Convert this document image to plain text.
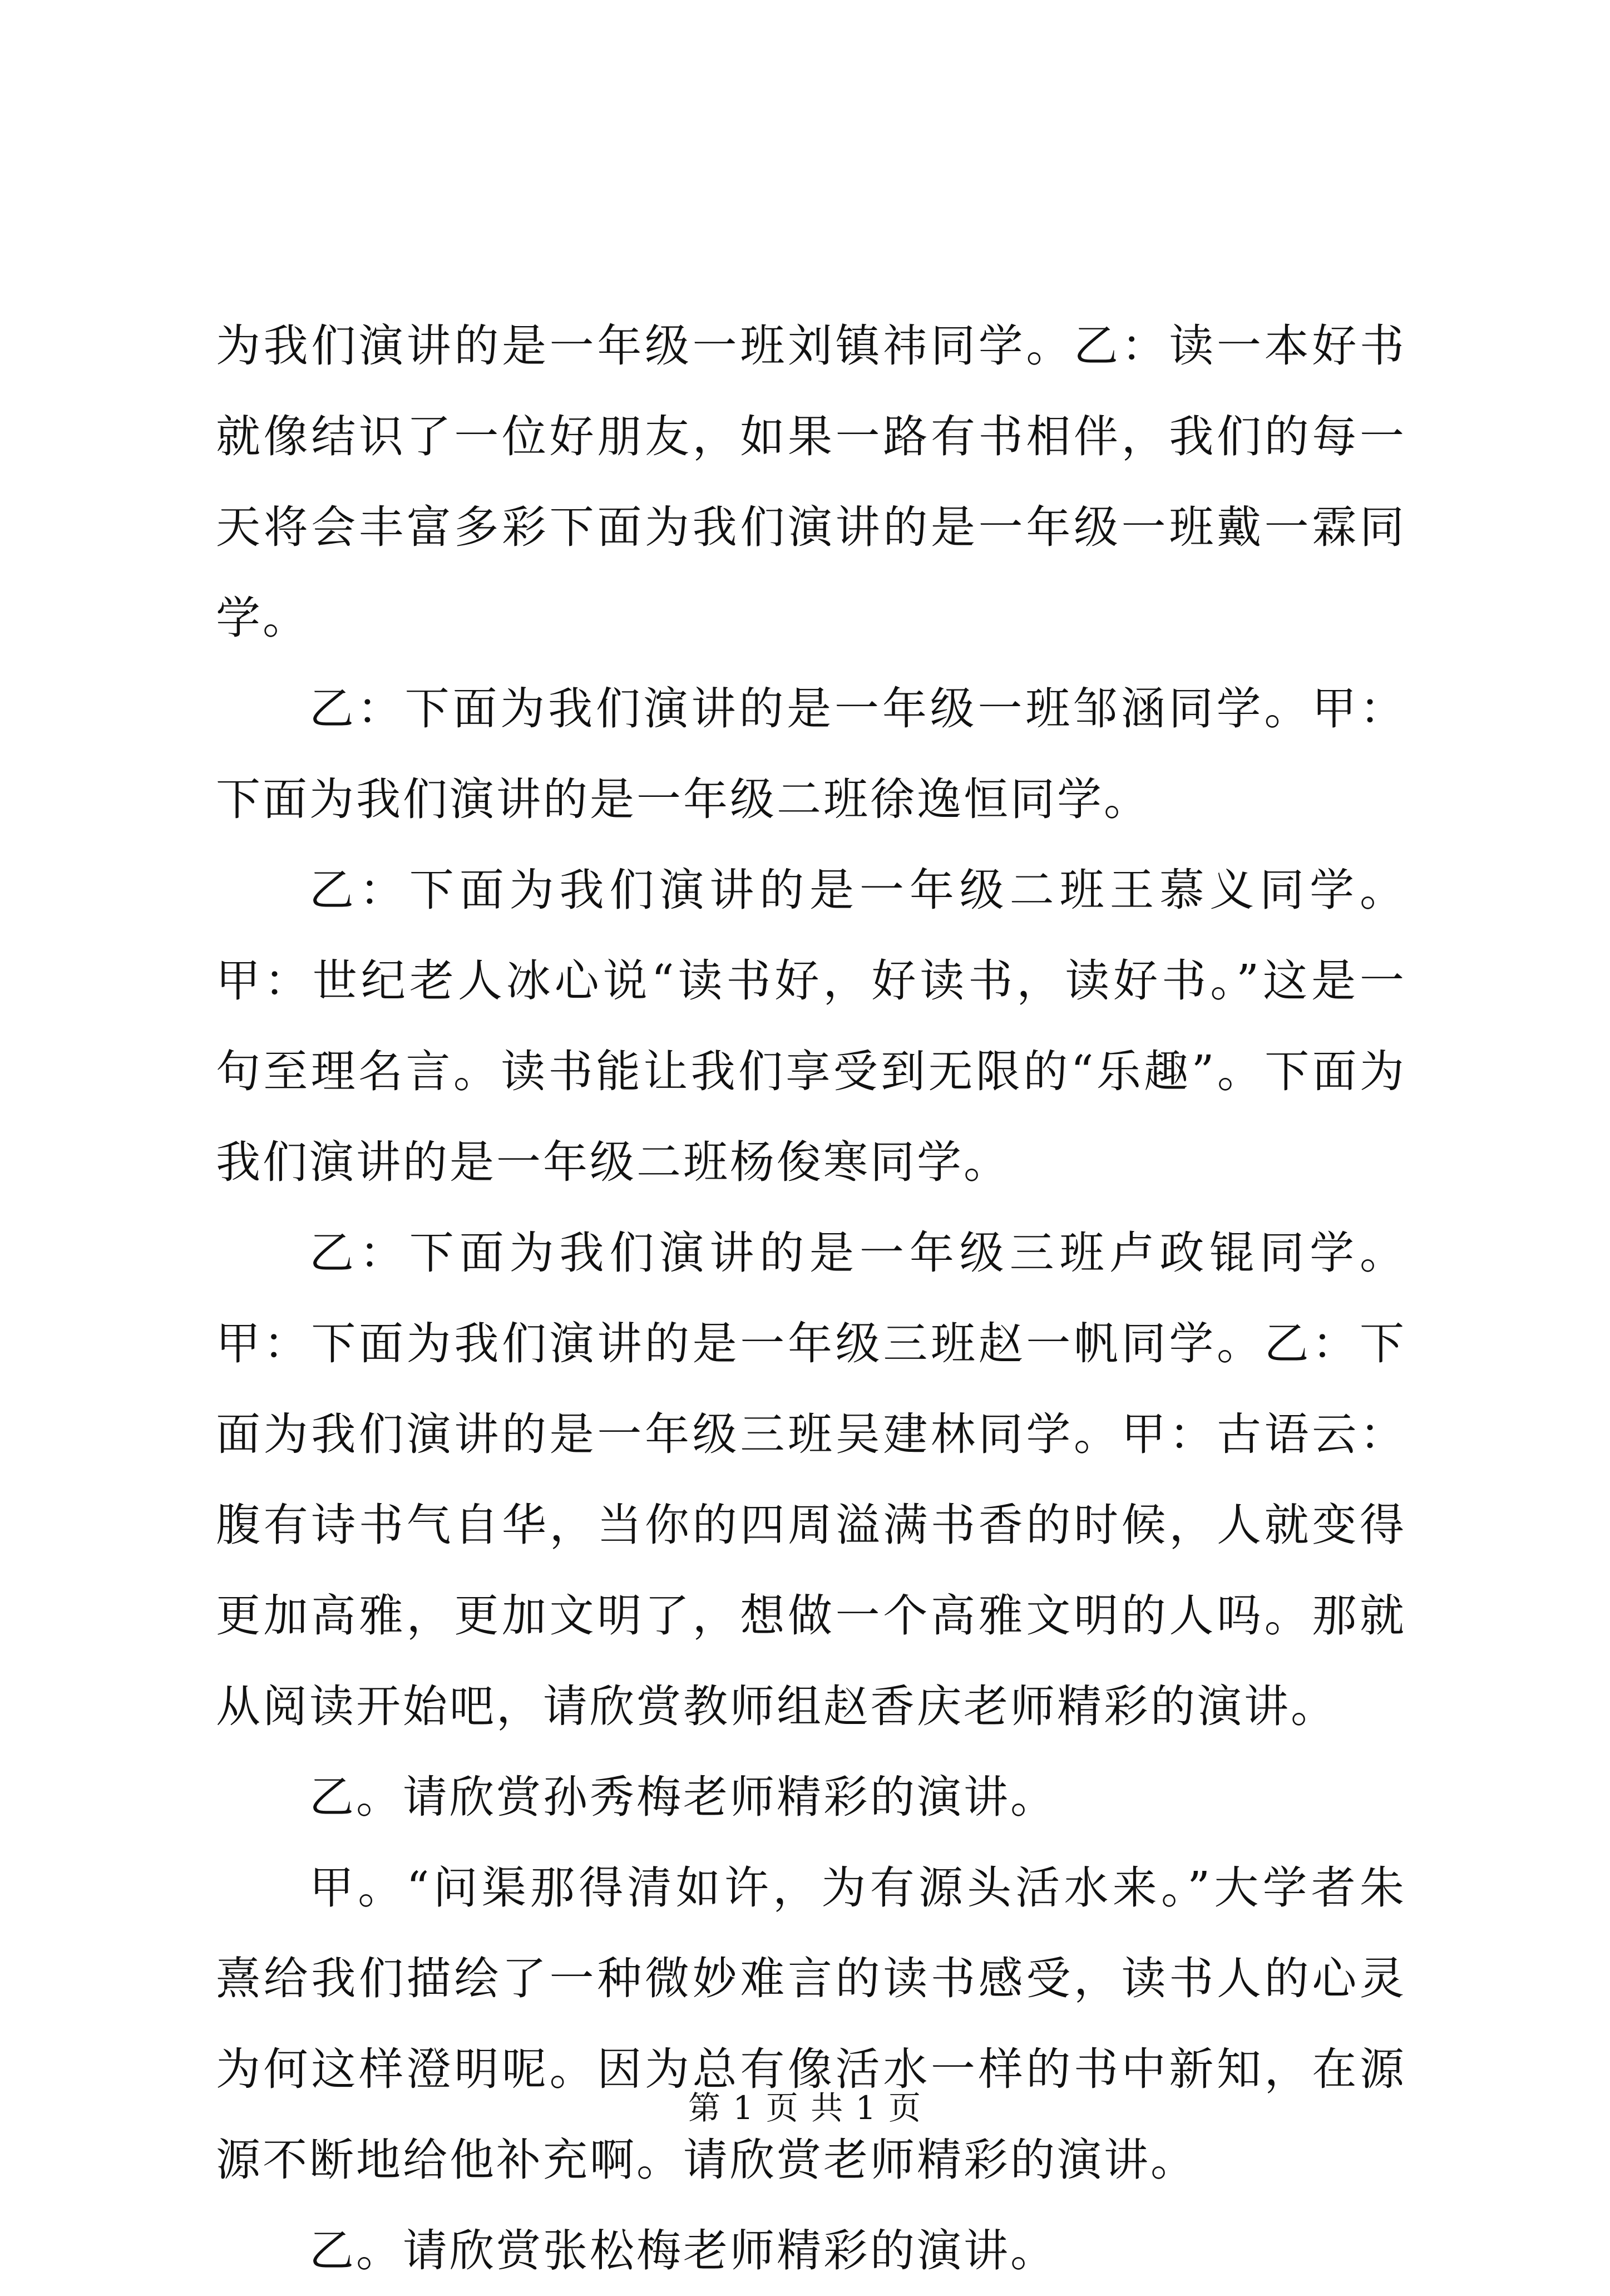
为我们演讲的是一年级一班刘镇祎同学。乙：读一本好书就像结识了一位好朋友，如果一路有书相伴，我们的每一天将会丰富多彩下面为我们演讲的是一年级一班戴一霖同学。

乙：下面为我们演讲的是一年级一班邹涵同学。甲：下面为我们演讲的是一年级二班徐逸恒同学。

乙：下面为我们演讲的是一年级二班王慕义同学。甲：世纪老人冰心说“读书好，好读书，读好书。”这是一句至理名言。读书能让我们享受到无限的“乐趣”。下面为我们演讲的是一年级二班杨俊寒同学。

乙：下面为我们演讲的是一年级三班卢政锟同学。甲：下面为我们演讲的是一年级三班赵一帆同学。乙：下面为我们演讲的是一年级三班吴建林同学。甲：古语云：腹有诗书气自华，当你的四周溢满书香的时候，人就变得更加高雅，更加文明了，想做一个高雅文明的人吗。那就从阅读开始吧，请欣赏教师组赵香庆老师精彩的演讲。

乙。请欣赏孙秀梅老师精彩的演讲。

甲。“问渠那得清如许，为有源头活水来。”大学者朱熹给我们描绘了一种微妙难言的读书感受，读书人的心灵为何这样澄明呢。因为总有像活水一样的书中新知，在源源不断地给他补充啊。请欣赏老师精彩的演讲。

乙。请欣赏张松梅老师精彩的演讲。

第 1 页 共 1 页
